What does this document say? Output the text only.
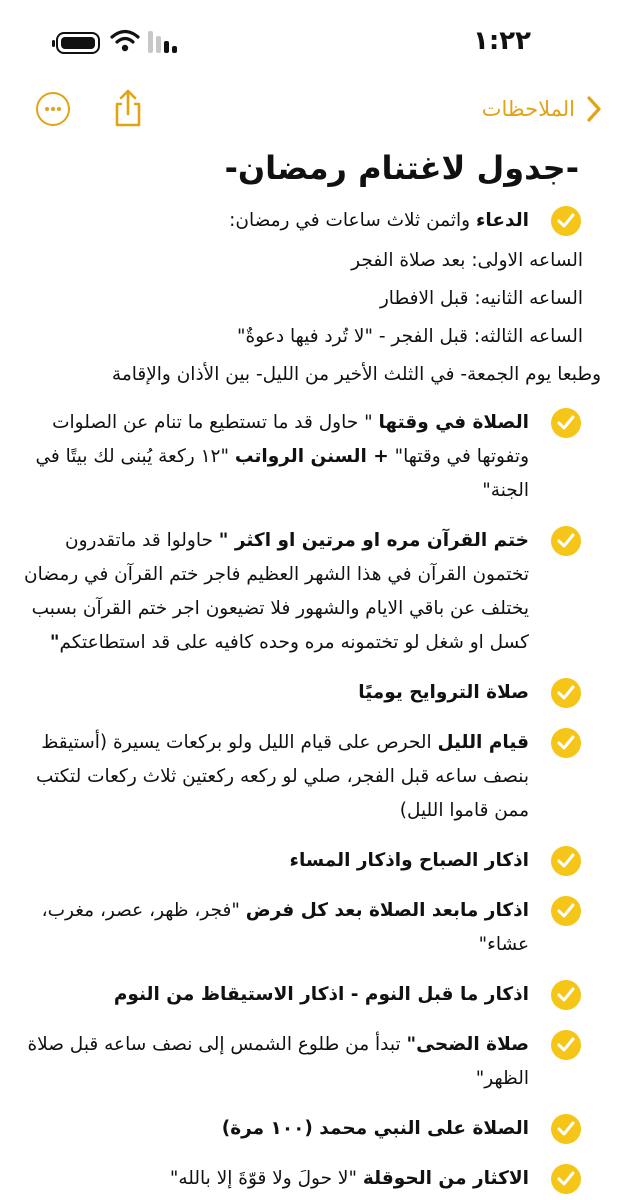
١:٢٢
الملاحظات
-جدول لاغتنام رمضان-
الدعاء واثمن ثلاث ساعات في رمضان:
الساعه الاولى: بعد صلاة الفجر
الساعه الثانيه: قبل الافطار
الساعه الثالثه: قبل الفجر - "لا تُرد فيها دعوةٌ"
وطبعا يوم الجمعة- في الثلث الأخير من الليل- بين الأذان والإقامة
الصلاة في وقتها " حاول قد ما تستطيع ما تنام عن الصلوات وتفوتها في وقتها" + السنن الرواتب "١٢ ركعة يُبنى لك بيتًا في الجنة"
ختم القرآن مره او مرتين او اكثر " حاولوا قد ماتقدرون تختمون القرآن في هذا الشهر العظيم فاجر ختم القرآن في رمضان يختلف عن باقي الايام والشهور فلا تضيعون اجر ختم القرآن بسبب كسل او شغل لو تختمونه مره وحده كافيه على قد استطاعتكم"
صلاة التروايح يوميًا
قيام الليل الحرص على قيام الليل ولو بركعات يسيرة (أستيقظ بنصف ساعه قبل الفجر، صلي لو ركعه ركعتين ثلاث ركعات لتكتب ممن قاموا الليل)
اذكار الصباح واذكار المساء
اذكار مابعد الصلاة بعد كل فرض "فجر، ظهر، عصر، مغرب، عشاء"
اذكار ما قبل النوم - اذكار الاستيقاظ من النوم
صلاة الضحى" تبدأ من طلوع الشمس إلى نصف ساعه قبل صلاة الظهر"
الصلاة على النبي محمد (١٠٠ مرة)
الاكثار من الحوقلة "لا حولَ ولا قوّةَ إلا بالله"
